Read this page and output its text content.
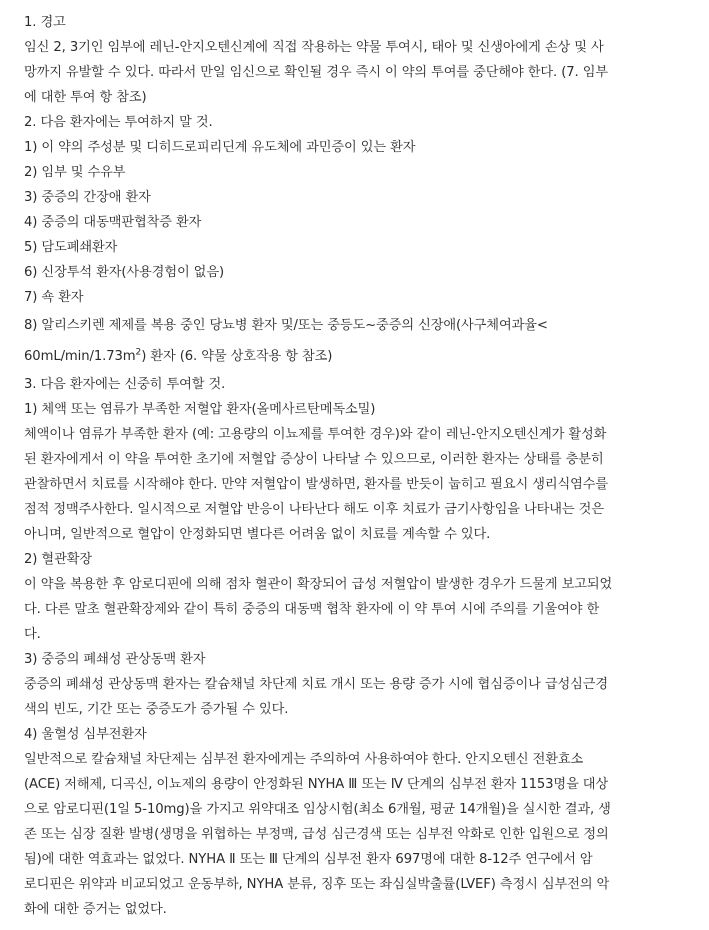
1. 경고
임신 2, 3기인 임부에 레닌-안지오텐신계에 직접 작용하는 약물 투여시, 태아 및 신생아에게 손상 및 사
망까지 유발할 수 있다. 따라서 만일 임신으로 확인될 경우 즉시 이 약의 투여를 중단해야 한다. (7. 임부
에 대한 투여 항 참조)
2. 다음 환자에는 투여하지 말 것.
1) 이 약의 주성분 및 디히드로피리딘계 유도체에 과민증이 있는 환자
2) 임부 및 수유부
3) 중증의 간장애 환자
4) 중증의 대동맥판협착증 환자
5) 담도폐쇄환자
6) 신장투석 환자(사용경험이 없음)
7) 쇽 환자
8) 알리스키렌 제제를 복용 중인 당뇨병 환자 및/또는 중등도~중증의 신장애(사구체여과율<
$60mL/\min/1.73m^2$) 환자 (6. 약물 상호작용 항 참조)
3. 다음 환자에는 신중히 투여할 것.
1) 체액 또는 염류가 부족한 저혈압 환자(올메사르탄메독소밀)
체액이나 염류가 부족한 환자 (예: 고용량의 이뇨제를 투여한 경우)와 같이 레닌-안지오텐신계가 활성화
된 환자에게서 이 약을 투여한 초기에 저혈압 증상이 나타날 수 있으므로, 이러한 환자는 상태를 충분히
관찰하면서 치료를 시작해야 한다. 만약 저혈압이 발생하면, 환자를 반듯이 눕히고 필요시 생리식염수를
점적 정맥주사한다. 일시적으로 저혈압 반응이 나타난다 해도 이후 치료가 금기사항임을 나타내는 것은
아니며, 일반적으로 혈압이 안정화되면 별다른 어려움 없이 치료를 계속할 수 있다.
2) 혈관확장
이 약을 복용한 후 암로디핀에 의해 점차 혈관이 확장되어 급성 저혈압이 발생한 경우가 드물게 보고되었
다. 다른 말초 혈관확장제와 같이 특히 중증의 대동맥 협착 환자에 이 약 투여 시에 주의를 기울여야 한
다.
3) 중증의 폐쇄성 관상동맥 환자
중증의 폐쇄성 관상동맥 환자는 칼슘채널 차단제 치료 개시 또는 용량 증가 시에 협심증이나 급성심근경
색의 빈도, 기간 또는 중증도가 증가될 수 있다.
4) 울혈성 심부전환자
일반적으로 칼슘채널 차단제는 심부전 환자에게는 주의하여 사용하여야 한다. 안지오텐신 전환효소
(ACE) 저해제, 디곡신, 이뇨제의 용량이 안정화된 NYHA Ⅲ 또는 Ⅳ 단계의 심부전 환자 1153명을 대상
으로 암로디핀(1일 5-10mg)을 가지고 위약대조 임상시험(최소 6개월, 평균 14개월)을 실시한 결과, 생
존 또는 심장 질환 발병(생명을 위협하는 부정맥, 급성 심근경색 또는 심부전 악화로 인한 입원으로 정의
됨)에 대한 역효과는 없었다. NYHA Ⅱ 또는 Ⅲ 단계의 심부전 환자 697명에 대한 8-12주 연구에서 암
로디핀은 위약과 비교되었고 운동부하, NYHA 분류, 징후 또는 좌심실박출률(LVEF) 측정시 심부전의 악
화에 대한 증거는 없었다.
